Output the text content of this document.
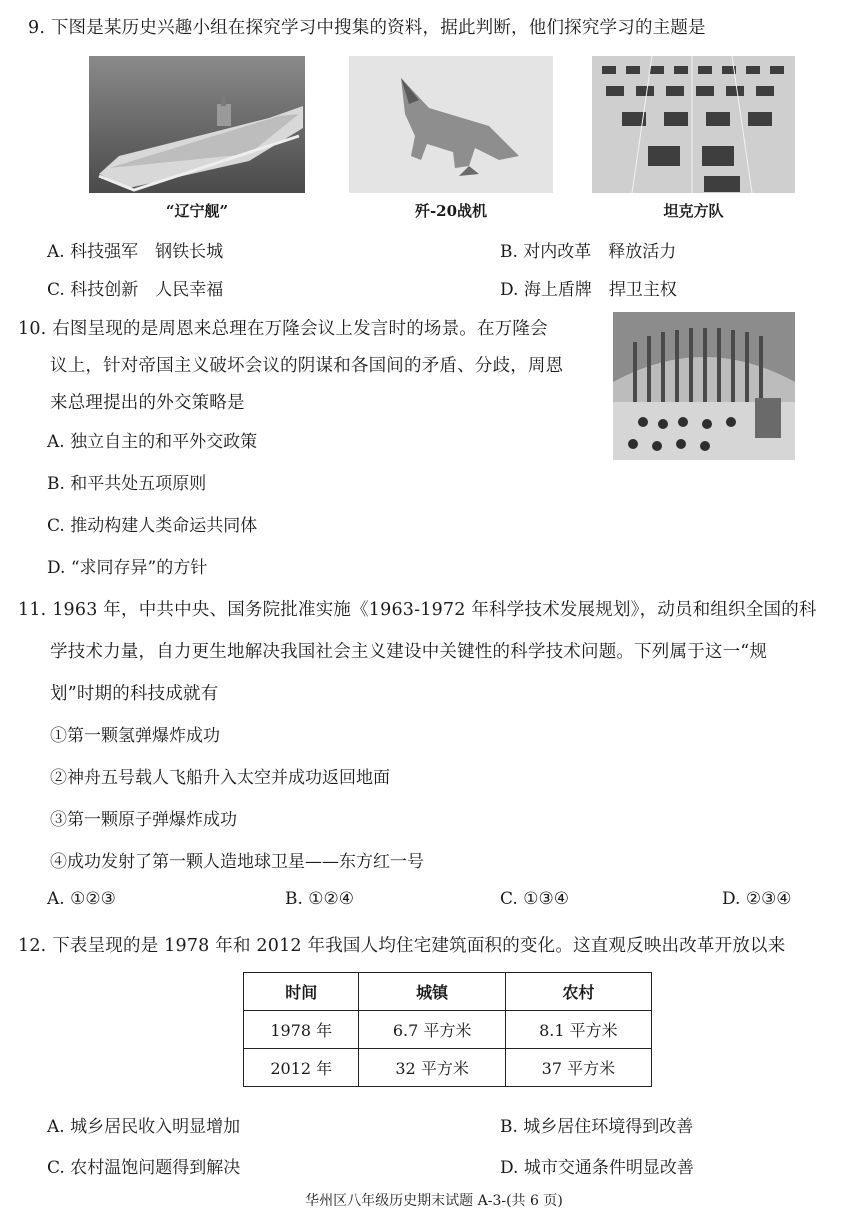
9. 下图是某历史兴趣小组在探究学习中搜集的资料，据此判断，他们探究学习的主题是
“辽宁舰”	歼-20战机	坦克方队
A. 科技强军　钢铁长城	B. 对内改革　释放活力
C. 科技创新　人民幸福	D. 海上盾牌　捍卫主权
10. 右图呈现的是周恩来总理在万隆会议上发言时的场景。在万隆会
议上，针对帝国主义破坏会议的阴谋和各国间的矛盾、分歧，周恩
来总理提出的外交策略是
A. 独立自主的和平外交政策
B. 和平共处五项原则
C. 推动构建人类命运共同体
D. “求同存异”的方针
11. 1963 年，中共中央、国务院批准实施《1963-1972 年科学技术发展规划》，动员和组织全国的科
学技术力量，自力更生地解决我国社会主义建设中关键性的科学技术问题。下列属于这一“规
划”时期的科技成就有
①第一颗氢弹爆炸成功
②神舟五号载人飞船升入太空并成功返回地面
③第一颗原子弹爆炸成功
④成功发射了第一颗人造地球卫星——东方红一号
A. ①②③	B. ①②④	C. ①③④	D. ②③④
12. 下表呈现的是 1978 年和 2012 年我国人均住宅建筑面积的变化。这直观反映出改革开放以来
时间	城镇	农村
1978 年	6.7 平方米	8.1 平方米
2012 年	32 平方米	37 平方米
A. 城乡居民收入明显增加	B. 城乡居住环境得到改善
C. 农村温饱问题得到解决	D. 城市交通条件明显改善
华州区八年级历史期末试题 A-3-(共 6 页)
